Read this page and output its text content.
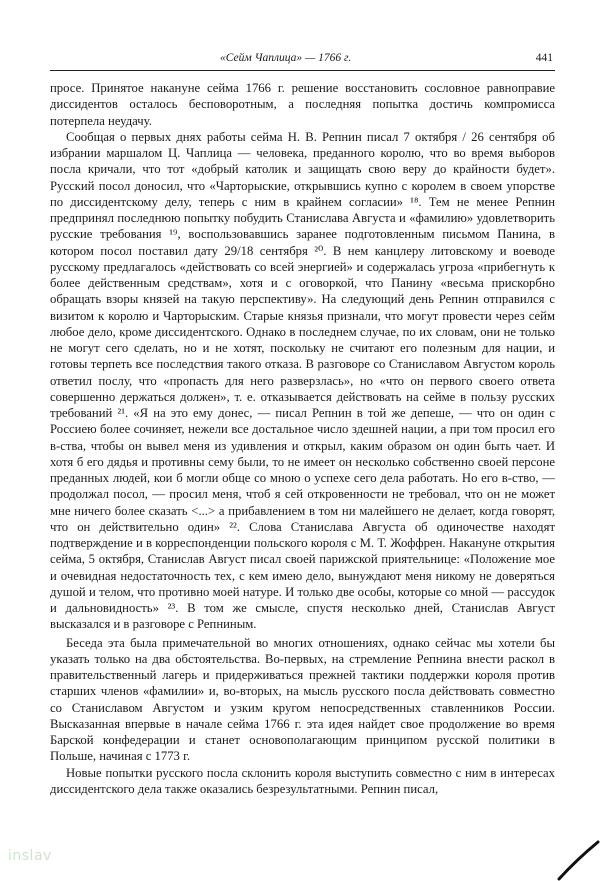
«Сейм Чаплица» — 1766 г.	441

просе. Принятое накануне сейма 1766 г. решение восстановить сословное равноправие диссидентов осталось бесповоротным, а последняя попытка достичь компромисса потерпела неудачу.

Сообщая о первых днях работы сейма Н. В. Репнин писал 7 октября / 26 сентября об избрании маршалом Ц. Чаплица — человека, преданного королю, что во время выборов посла кричали, что тот «добрый католик и защищать свою веру до крайности будет». Русский посол доносил, что «Чарторыские, открывшись купно с королем в своем упорстве по диссидентскому делу, теперь с ним в крайнем согласии» ¹⁸. Тем не менее Репнин предпринял последнюю попытку побудить Станислава Августа и «фамилию» удовлетворить русские требования ¹⁹, воспользовавшись заранее подготовленным письмом Панина, в котором посол поставил дату 29/18 сентября ²⁰. В нем канцлеру литовскому и воеводе русскому предлагалось «действовать со всей энергией» и содержалась угроза «прибегнуть к более действенным средствам», хотя и с оговоркой, что Панину «весьма прискорбно обращать взоры князей на такую перспективу». На следующий день Репнин отправился с визитом к королю и Чарторыским. Старые князья признали, что могут провести через сейм любое дело, кроме диссидентского. Однако в последнем случае, по их словам, они не только не могут сего сделать, но и не хотят, поскольку не считают его полезным для нации, и готовы терпеть все последствия такого отказа. В разговоре со Станиславом Августом король ответил послу, что «пропасть для него разверзлась», но «что он первого своего ответа совершенно держаться должен», т. е. отказывается действовать на сейме в пользу русских требований ²¹. «Я на это ему донес, — писал Репнин в той же депеше, — что он один с Россиею более сочиняет, нежели все достальное число здешней нации, а при том просил его в-ства, чтобы он вывел меня из удивления и открыл, каким образом он один быть чает. И хотя б его дядья и противны сему были, то не имеет он несколько собственно своей персоне преданных людей, кои б могли обще со мною о успехе сего дела работать. Но его в-ство, — продолжал посол, — просил меня, чтоб я сей откровенности не требовал, что он не может мне ничего более сказать <...> а прибавлением в том ни малейшего не делает, когда говорят, что он действительно один» ²². Слова Станислава Августа об одиночестве находят подтверждение и в корреспонденции польского короля с М. Т. Жоффрен. Накануне открытия сейма, 5 октября, Станислав Август писал своей парижской приятельнице: «Положение мое и очевидная недостаточность тех, с кем имею дело, вынуждают меня никому не доверяться душой и телом, что противно моей натуре. И только две особы, которые со мной — рассудок и дальновидность» ²³. В том же смысле, спустя несколько дней, Станислав Август высказался и в разговоре с Репниным.

Беседа эта была примечательной во многих отношениях, однако сейчас мы хотели бы указать только на два обстоятельства. Во-первых, на стремление Репнина внести раскол в правительственный лагерь и придерживаться прежней тактики поддержки короля против старших членов «фамилии» и, во-вторых, на мысль русского посла действовать совместно со Станиславом Августом и узким кругом непосредственных ставленников России. Высказанная впервые в начале сейма 1766 г. эта идея найдет свое продолжение во время Барской конфедерации и станет основополагающим принципом русской политики в Польше, начиная с 1773 г.

Новые попытки русского посла склонить короля выступить совместно с ним в интересах диссидентского дела также оказались безрезультатными. Репнин писал,

inslav
